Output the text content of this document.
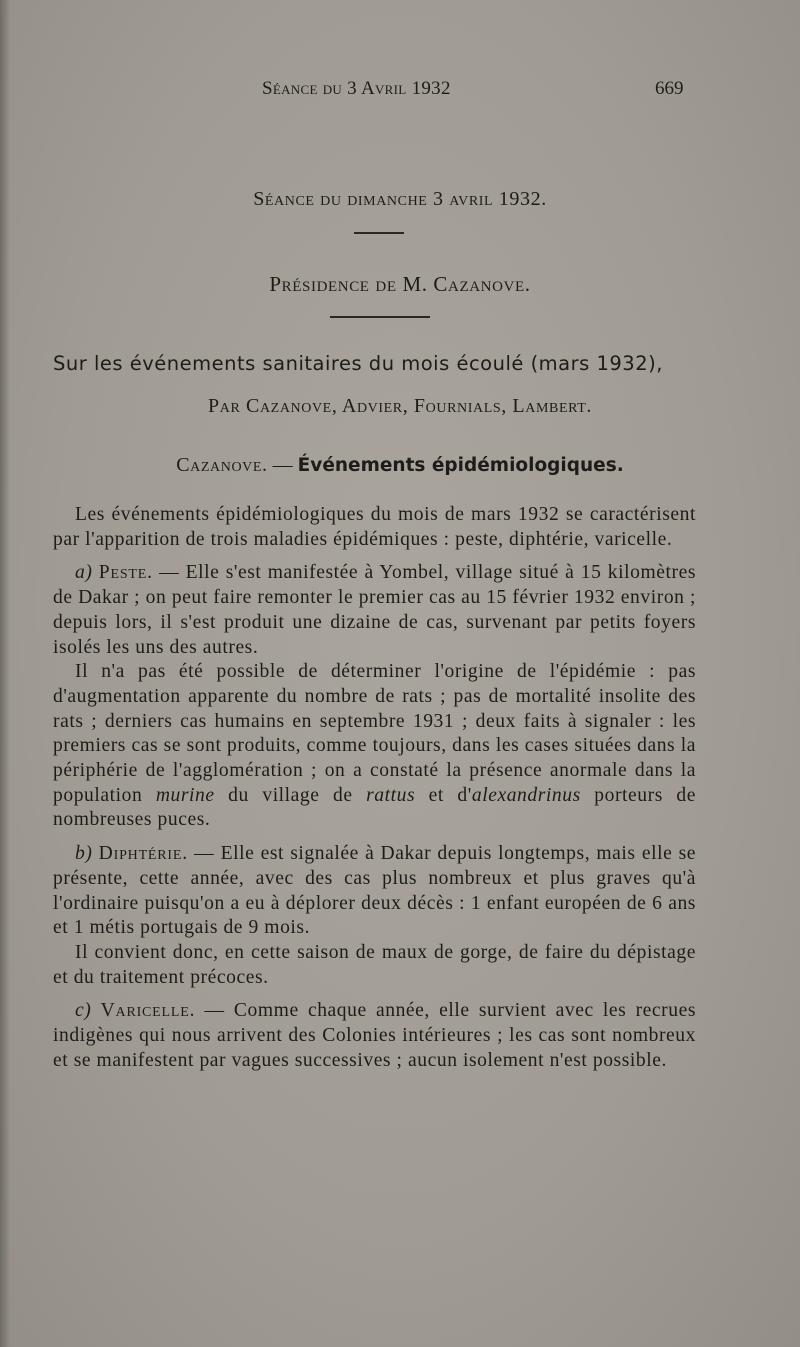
Séance du 3 Avril 1932	669
Séance du dimanche 3 avril 1932.
Présidence de M. Cazanove.
Sur les événements sanitaires du mois écoulé (mars 1932),
Par Cazanove, Advier, Fournials, Lambert.
Cazanove. — Événements épidémiologiques.

Les événements épidémiologiques du mois de mars 1932 se caractérisent par l'apparition de trois maladies épidémiques : peste, diphtérie, varicelle.

a) Peste. — Elle s'est manifestée à Yombel, village situé à 15 kilomètres de Dakar ; on peut faire remonter le premier cas au 15 février 1932 environ ; depuis lors, il s'est produit une dizaine de cas, survenant par petits foyers isolés les uns des autres.

Il n'a pas été possible de déterminer l'origine de l'épidémie : pas d'augmentation apparente du nombre de rats ; pas de mortalité insolite des rats ; derniers cas humains en septembre 1931 ; deux faits à signaler : les premiers cas se sont produits, comme toujours, dans les cases situées dans la périphérie de l'agglomération ; on a constaté la présence anormale dans la population murine du village de rattus et d'alexandrinus porteurs de nombreuses puces.

b) Diphtérie. — Elle est signalée à Dakar depuis longtemps, mais elle se présente, cette année, avec des cas plus nombreux et plus graves qu'à l'ordinaire puisqu'on a eu à déplorer deux décès : 1 enfant européen de 6 ans et 1 métis portugais de 9 mois.

Il convient donc, en cette saison de maux de gorge, de faire du dépistage et du traitement précoces.

c) Varicelle. — Comme chaque année, elle survient avec les recrues indigènes qui nous arrivent des Colonies intérieures ; les cas sont nombreux et se manifestent par vagues successives ; aucun isolement n'est possible.
